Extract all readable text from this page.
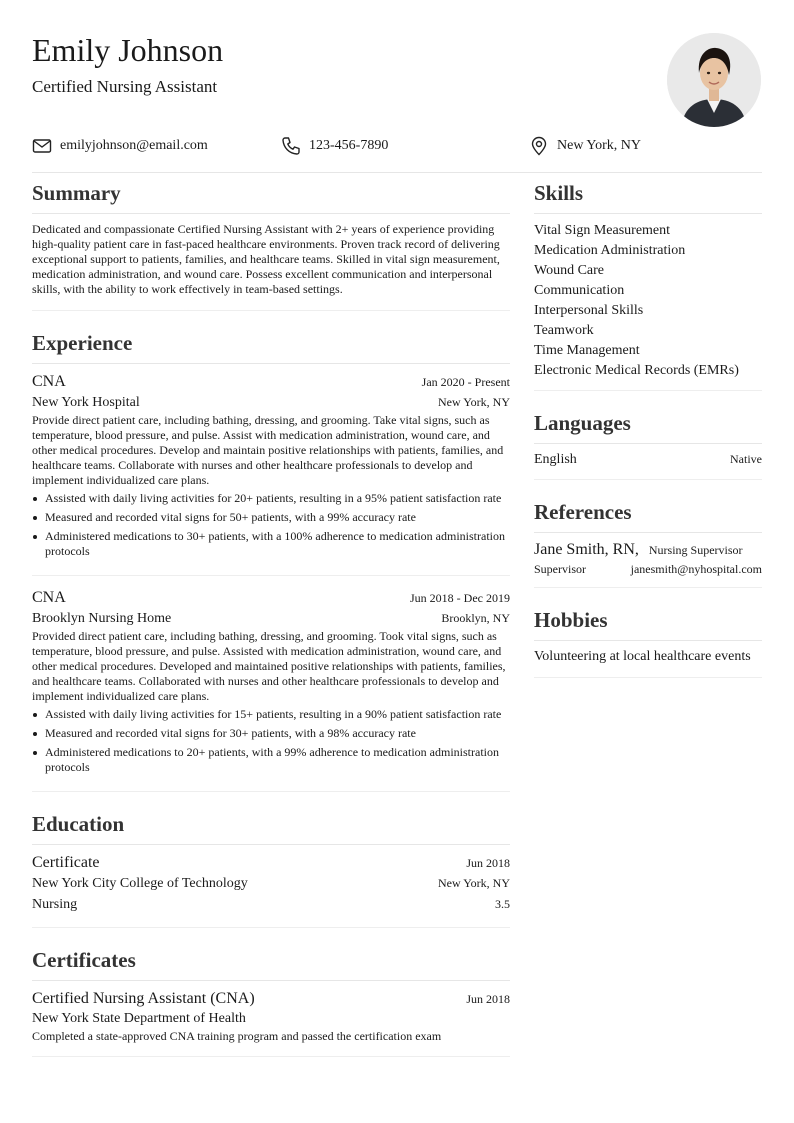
Emily Johnson
Certified Nursing Assistant
emilyjohnson@email.com	123-456-7890	New York, NY
Summary

Dedicated and compassionate Certified Nursing Assistant with 2+ years of experience providing high-quality patient care in fast-paced healthcare environments. Proven track record of delivering exceptional support to patients, families, and healthcare teams. Skilled in vital sign measurement, medication administration, and wound care. Possess excellent communication and interpersonal skills, with the ability to work effectively in team-based settings.

Experience
CNA	Jan 2020 - Present
New York Hospital	New York, NY

Provide direct patient care, including bathing, dressing, and grooming. Take vital signs, such as temperature, blood pressure, and pulse. Assist with medication administration, wound care, and other medical procedures. Develop and maintain positive relationships with patients, families, and healthcare teams. Collaborate with nurses and other healthcare professionals to develop and implement individualized care plans.

Assisted with daily living activities for 20+ patients, resulting in a 95% patient satisfaction rate
Measured and recorded vital signs for 50+ patients, with a 99% accuracy rate
Administered medications to 30+ patients, with a 100% adherence to medication administration protocols
CNA	Jun 2018 - Dec 2019
Brooklyn Nursing Home	Brooklyn, NY

Provided direct patient care, including bathing, dressing, and grooming. Took vital signs, such as temperature, blood pressure, and pulse. Assisted with medication administration, wound care, and other medical procedures. Developed and maintained positive relationships with patients, families, and healthcare teams. Collaborated with nurses and other healthcare professionals to develop and implement individualized care plans.

Assisted with daily living activities for 15+ patients, resulting in a 90% patient satisfaction rate
Measured and recorded vital signs for 30+ patients, with a 98% accuracy rate
Administered medications to 20+ patients, with a 99% adherence to medication administration protocols
Education
Certificate	Jun 2018
New York City College of Technology	New York, NY
Nursing	3.5
Certificates
Certified Nursing Assistant (CNA)	Jun 2018
New York State Department of Health

Completed a state-approved CNA training program and passed the certification exam

Skills
Vital Sign Measurement
Medication Administration
Wound Care
Communication
Interpersonal Skills
Teamwork
Time Management
Electronic Medical Records (EMRs)
Languages
English	Native
References
Jane Smith, RN, Nursing Supervisor
Supervisor	janesmith@nyhospital.com
Hobbies
Volunteering at local healthcare events
